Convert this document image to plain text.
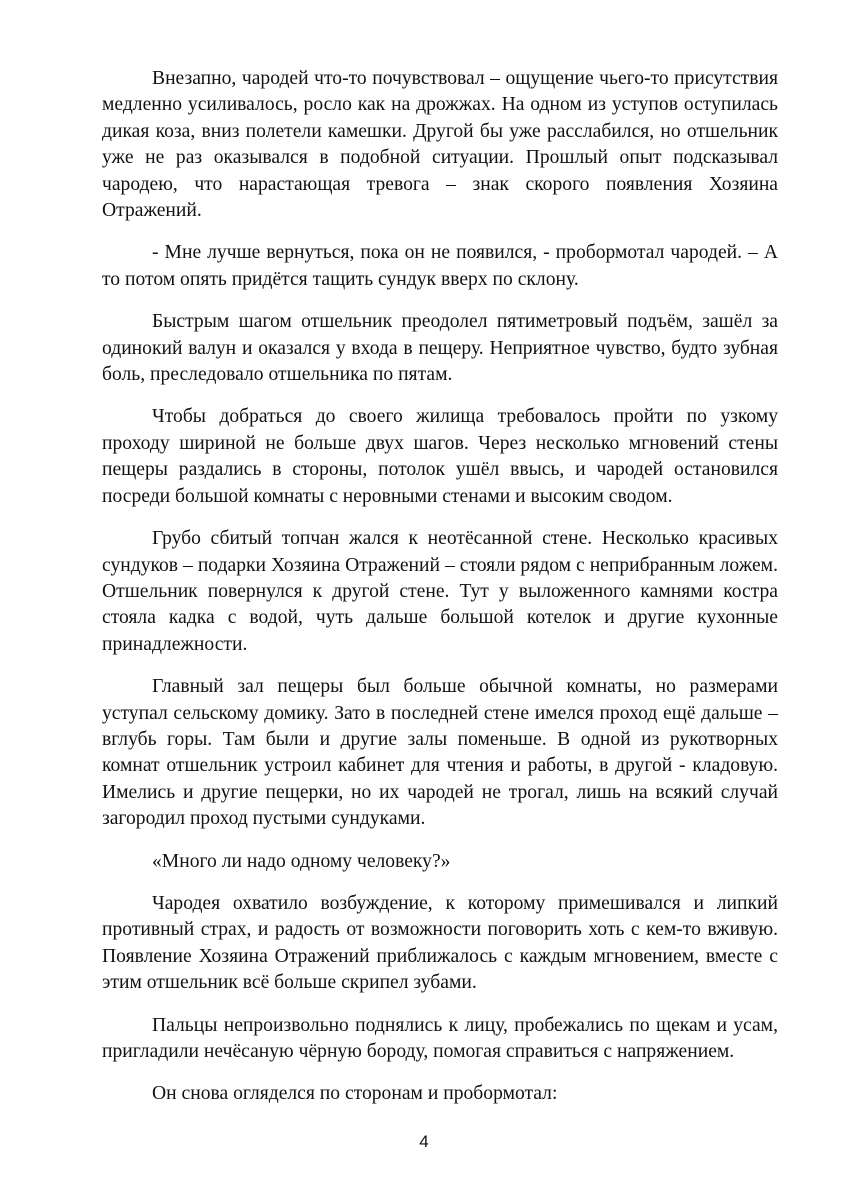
Внезапно, чародей что-то почувствовал – ощущение чьего-то присутствия медленно усиливалось, росло как на дрожжах. На одном из уступов оступилась дикая коза, вниз полетели камешки. Другой бы уже расслабился, но отшельник уже не раз оказывался в подобной ситуации. Прошлый опыт подсказывал чародею, что нарастающая тревога – знак скорого появления Хозяина Отражений.

- Мне лучше вернуться, пока он не появился, - пробормотал чародей. – А то потом опять придётся тащить сундук вверх по склону.

Быстрым шагом отшельник преодолел пятиметровый подъём, зашёл за одинокий валун и оказался у входа в пещеру. Неприятное чувство, будто зубная боль, преследовало отшельника по пятам.

Чтобы добраться до своего жилища требовалось пройти по узкому проходу шириной не больше двух шагов. Через несколько мгновений стены пещеры раздались в стороны, потолок ушёл ввысь, и чародей остановился посреди большой комнаты с неровными стенами и высоким сводом.

Грубо сбитый топчан жался к неотёсанной стене. Несколько красивых сундуков – подарки Хозяина Отражений – стояли рядом с неприбранным ложем. Отшельник повернулся к другой стене. Тут у выложенного камнями костра стояла кадка с водой, чуть дальше большой котелок и другие кухонные принадлежности.

Главный зал пещеры был больше обычной комнаты, но размерами уступал сельскому домику. Зато в последней стене имелся проход ещё дальше – вглубь горы. Там были и другие залы поменьше. В одной из рукотворных комнат отшельник устроил кабинет для чтения и работы, в другой - кладовую. Имелись и другие пещерки, но их чародей не трогал, лишь на всякий случай загородил проход пустыми сундуками.

«Много ли надо одному человеку?»

Чародея охватило возбуждение, к которому примешивался и липкий противный страх, и радость от возможности поговорить хоть с кем-то вживую. Появление Хозяина Отражений приближалось с каждым мгновением, вместе с этим отшельник всё больше скрипел зубами.

Пальцы непроизвольно поднялись к лицу, пробежались по щекам и усам, пригладили нечёсаную чёрную бороду, помогая справиться с напряжением.

Он снова огляделся по сторонам и пробормотал:

4
